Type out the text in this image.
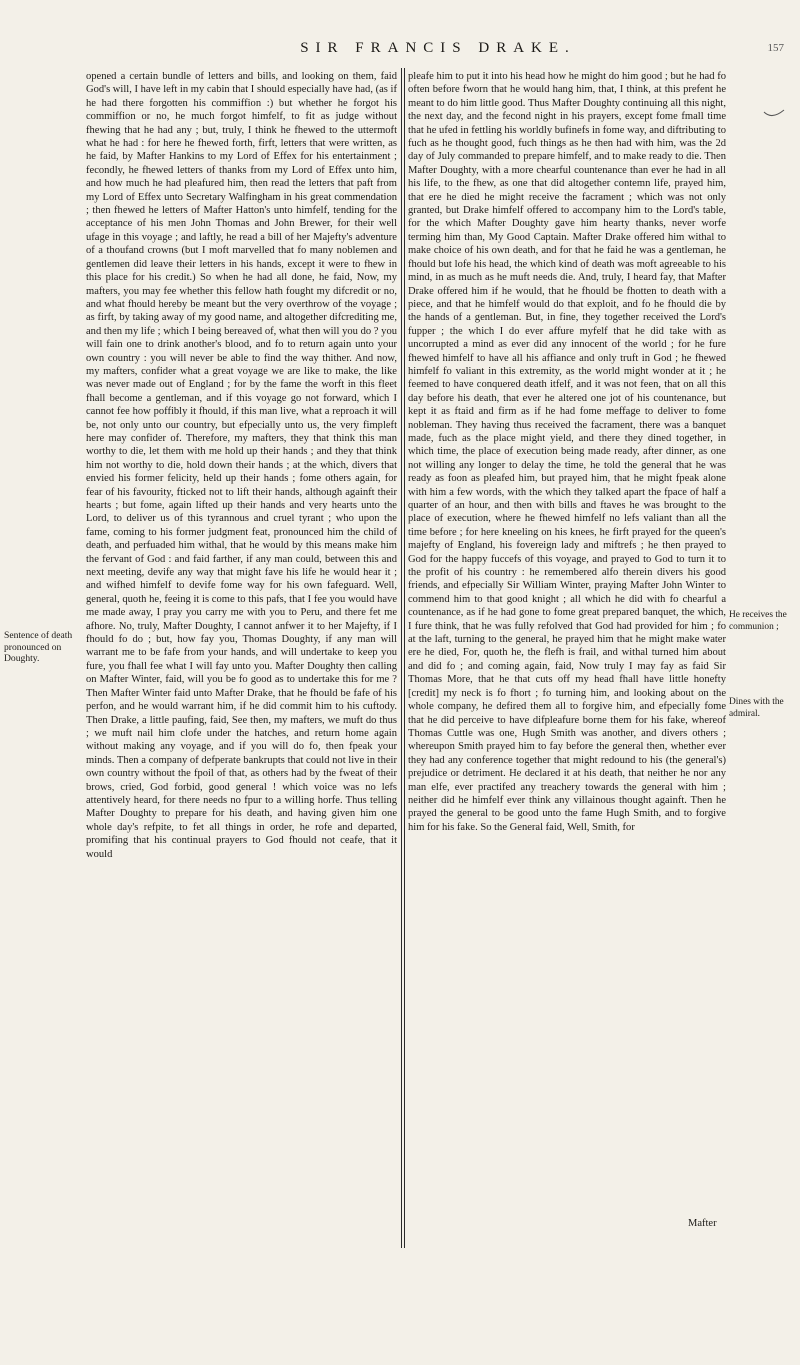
SIR FRANCIS DRAKE.	157

opened a certain bundle of letters and bills, and looking on them, faid God's will, I have left in my cabin that I should especially have had, (as if he had there forgotten his commiffion :) but whether he forgot his commiffion or no, he much forgot himfelf, to fit as judge without fhewing that he had any ; but, truly, I think he fhewed to the uttermoft what he had : for here he fhewed forth, firft, letters that were written, as he faid, by Mafter Hankins to my Lord of Effex for his entertainment ; fecondly, he fhewed letters of thanks from my Lord of Effex unto him, and how much he had pleafured him, then read the letters that paft from my Lord of Effex unto Secretary Walfingham in his great commendation ; then fhewed he letters of Mafter Hatton's unto himfelf, tending for the acceptance of his men John Thomas and John Brewer, for their well ufage in this voyage ; and laftly, he read a bill of her Majefty's adventure of a thoufand crowns (but I moft marvelled that fo many noblemen and gentlemen did leave their letters in his hands, except it were to fhew in this place for his credit.) So when he had all done, he faid, Now, my mafters, you may fee whether this fellow hath fought my difcredit or no, and what fhould hereby be meant but the very overthrow of the voyage ; as firft, by taking away of my good name, and altogether difcrediting me, and then my life ; which I being bereaved of, what then will you do ? you will fain one to drink another's blood, and fo to return again unto your own country : you will never be able to find the way thither. And now, my mafters, confider what a great voyage we are like to make, the like was never made out of England ; for by the fame the worft in this fleet fhall become a gentleman, and if this voyage go not forward, which I cannot fee how poffibly it fhould, if this man live, what a reproach it will be, not only unto our country, but efpecially unto us, the very fimpleft here may confider of. Therefore, my mafters, they that think this man worthy to die, let them with me hold up their hands ; and they that think him not worthy to die, hold down their hands ; at the which, divers that envied his former felicity, held up their hands ; fome others again, for fear of his favourity, fticked not to lift their hands, although againft their hearts ; but fome, again lifted up their hands and very hearts unto the Lord, to deliver us of this tyrannous and cruel tyrant ; who upon the fame, coming to his former judgment feat, pronounced him the child of death, and perfuaded him withal, that he would by this means make him the fervant of God : and faid farther, if any man could, between this and next meeting, devife any way that might fave his life he would hear it ; and wifhed himfelf to devife fome way for his own fafeguard. Well, general, quoth he, feeing it is come to this pafs, that I fee you would have me made away, I pray you carry me with you to Peru, and there fet me afhore. No, truly, Mafter Doughty, I cannot anfwer it to her Majefty, if I fhould fo do ; but, how fay you, Thomas Doughty, if any man will warrant me to be fafe from your hands, and will undertake to keep you fure, you fhall fee what I will fay unto you. Mafter Doughty then calling on Mafter Winter, faid, will you be fo good as to undertake this for me ? Then Mafter Winter faid unto Mafter Drake, that he fhould be fafe of his perfon, and he would warrant him, if he did commit him to his cuftody. Then Drake, a little paufing, faid, See then, my mafters, we muft do thus ; we muft nail him clofe under the hatches, and return home again without making any voyage, and if you will do fo, then fpeak your minds. Then a company of defperate bankrupts that could not live in their own country without the fpoil of that, as others had by the fweat of their brows, cried, God forbid, good general ! which voice was no lefs attentively heard, for there needs no fpur to a willing horfe. Thus telling Mafter Doughty to prepare for his death, and having given him one whole day's refpite, to fet all things in order, he rofe and departed, promifing that his continual prayers to God fhould not ceafe, that it would

pleafe him to put it into his head how he might do him good ; but he had fo often before fworn that he would hang him, that, I think, at this prefent he meant to do him little good. Thus Mafter Doughty continuing all this night, the next day, and the fecond night in his prayers, except fome fmall time that he ufed in fettling his worldly bufinefs in fome way, and diftributing to fuch as he thought good, fuch things as he then had with him, was the 2d day of July commanded to prepare himfelf, and to make ready to die. Then Mafter Doughty, with a more chearful countenance than ever he had in all his life, to the fhew, as one that did altogether contemn life, prayed him, that ere he died he might receive the facrament ; which was not only granted, but Drake himfelf offered to accompany him to the Lord's table, for the which Mafter Doughty gave him hearty thanks, never worfe terming him than, My Good Captain. Mafter Drake offered him withal to make choice of his own death, and for that he faid he was a gentleman, he fhould but lofe his head, the which kind of death was moft agreeable to his mind, in as much as he muft needs die. And, truly, I heard fay, that Mafter Drake offered him if he would, that he fhould be fhotten to death with a piece, and that he himfelf would do that exploit, and fo he fhould die by the hands of a gentleman. But, in fine, they together received the Lord's fupper ; the which I do ever affure myfelf that he did take with as uncorrupted a mind as ever did any innocent of the world ; for he fure fhewed himfelf to have all his affiance and only truft in God ; he fhewed himfelf fo valiant in this extremity, as the world might wonder at it ; he feemed to have conquered death itfelf, and it was not feen, that on all this day before his death, that ever he altered one jot of his countenance, but kept it as ftaid and firm as if he had fome meffage to deliver to fome nobleman. They having thus received the facrament, there was a banquet made, fuch as the place might yield, and there they dined together, in which time, the place of execution being made ready, after dinner, as one not willing any longer to delay the time, he told the general that he was ready as foon as pleafed him, but prayed him, that he might fpeak alone with him a few words, with the which they talked apart the fpace of half a quarter of an hour, and then with bills and ftaves he was brought to the place of execution, where he fhewed himfelf no lefs valiant than all the time before ; for here kneeling on his knees, he firft prayed for the queen's majefty of England, his fovereign lady and miftrefs ; he then prayed to God for the happy fuccefs of this voyage, and prayed to God to turn it to the profit of his country : he remembered alfo therein divers his good friends, and efpecially Sir William Winter, praying Mafter John Winter to commend him to that good knight ; all which he did with fo chearful a countenance, as if he had gone to fome great prepared banquet, the which, I fure think, that he was fully refolved that God had provided for him ; fo at the laft, turning to the general, he prayed him that he might make water ere he died, For, quoth he, the flefh is frail, and withal turned him about and did fo ; and coming again, faid, Now truly I may fay as faid Sir Thomas More, that he that cuts off my head fhall have little honefty [credit] my neck is fo fhort ; fo turning him, and looking about on the whole company, he defired them all to forgive him, and efpecially fome that he did perceive to have difpleafure borne them for his fake, whereof Thomas Cuttle was one, Hugh Smith was another, and divers others ; whereupon Smith prayed him to fay before the general then, whether ever they had any conference together that might redound to his (the general's) prejudice or detriment. He declared it at his death, that neither he nor any man elfe, ever practifed any treachery towards the general with him ; neither did he himfelf ever think any villainous thought againft. Then he prayed the general to be good unto the fame Hugh Smith, and to forgive him for his fake. So the General faid, Well, Smith, for

Sentence of death pronounced on Doughty.
He receives the communion ;
Dines with the admiral.
Mafter
